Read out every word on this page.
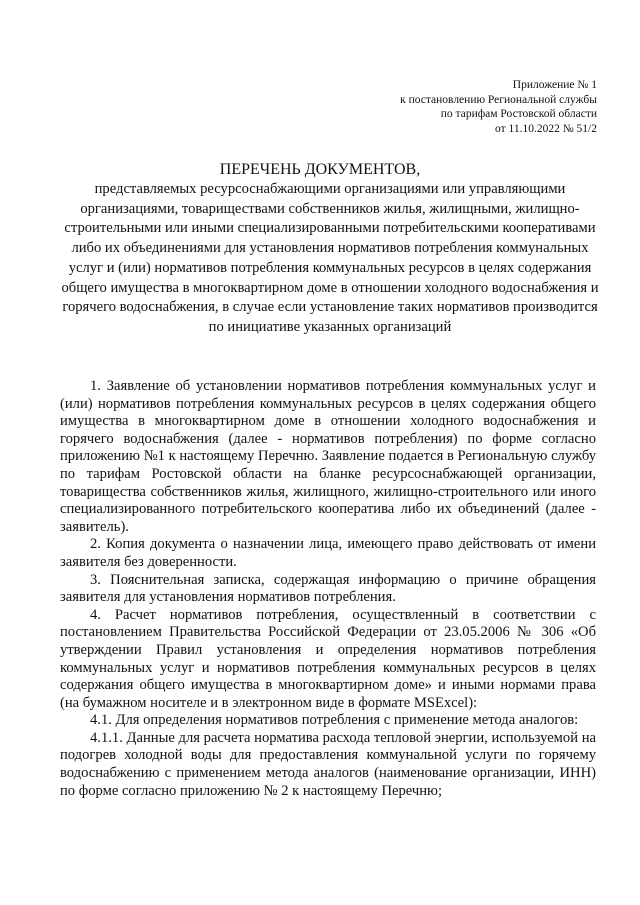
Приложение № 1
к постановлению Региональной службы
по тарифам Ростовской области
от 11.10.2022 № 51/2
ПЕРЕЧЕНЬ ДОКУМЕНТОВ,
представляемых ресурсоснабжающими организациями или управляющими организациями, товариществами собственников жилья, жилищными, жилищно-строительными или иными специализированными потребительскими кооперативами либо их объединениями для установления нормативов потребления коммунальных услуг и (или) нормативов потребления коммунальных ресурсов в целях содержания общего имущества в многоквартирном доме в отношении холодного водоснабжения и горячего водоснабжения, в случае если установление таких нормативов производится по инициативе указанных организаций

1. Заявление об установлении нормативов потребления коммунальных услуг и (или) нормативов потребления коммунальных ресурсов в целях содержания общего имущества в многоквартирном доме в отношении холодного водоснабжения и горячего водоснабжения (далее - нормативов потребления) по форме согласно приложению №1 к настоящему Перечню. Заявление подается в Региональную службу по тарифам Ростовской области на бланке ресурсоснабжающей организации, товарищества собственников жилья, жилищного, жилищно-строительного или иного специализированного потребительского кооператива либо их объединений (далее - заявитель).

2. Копия документа о назначении лица, имеющего право действовать от имени заявителя без доверенности.

3. Пояснительная записка, содержащая информацию о причине обращения заявителя для установления нормативов потребления.

4. Расчет нормативов потребления, осуществленный в соответствии с постановлением Правительства Российской Федерации от 23.05.2006 № 306 «Об утверждении Правил установления и определения нормативов потребления коммунальных услуг и нормативов потребления коммунальных ресурсов в целях содержания общего имущества в многоквартирном доме» и иными нормами права (на бумажном носителе и в электронном виде в формате MSExcel):

4.1. Для определения нормативов потребления с применение метода аналогов:

4.1.1. Данные для расчета норматива расхода тепловой энергии, используемой на подогрев холодной воды для предоставления коммунальной услуги по горячему водоснабжению с применением метода аналогов (наименование организации, ИНН) по форме согласно приложению № 2 к настоящему Перечню;
